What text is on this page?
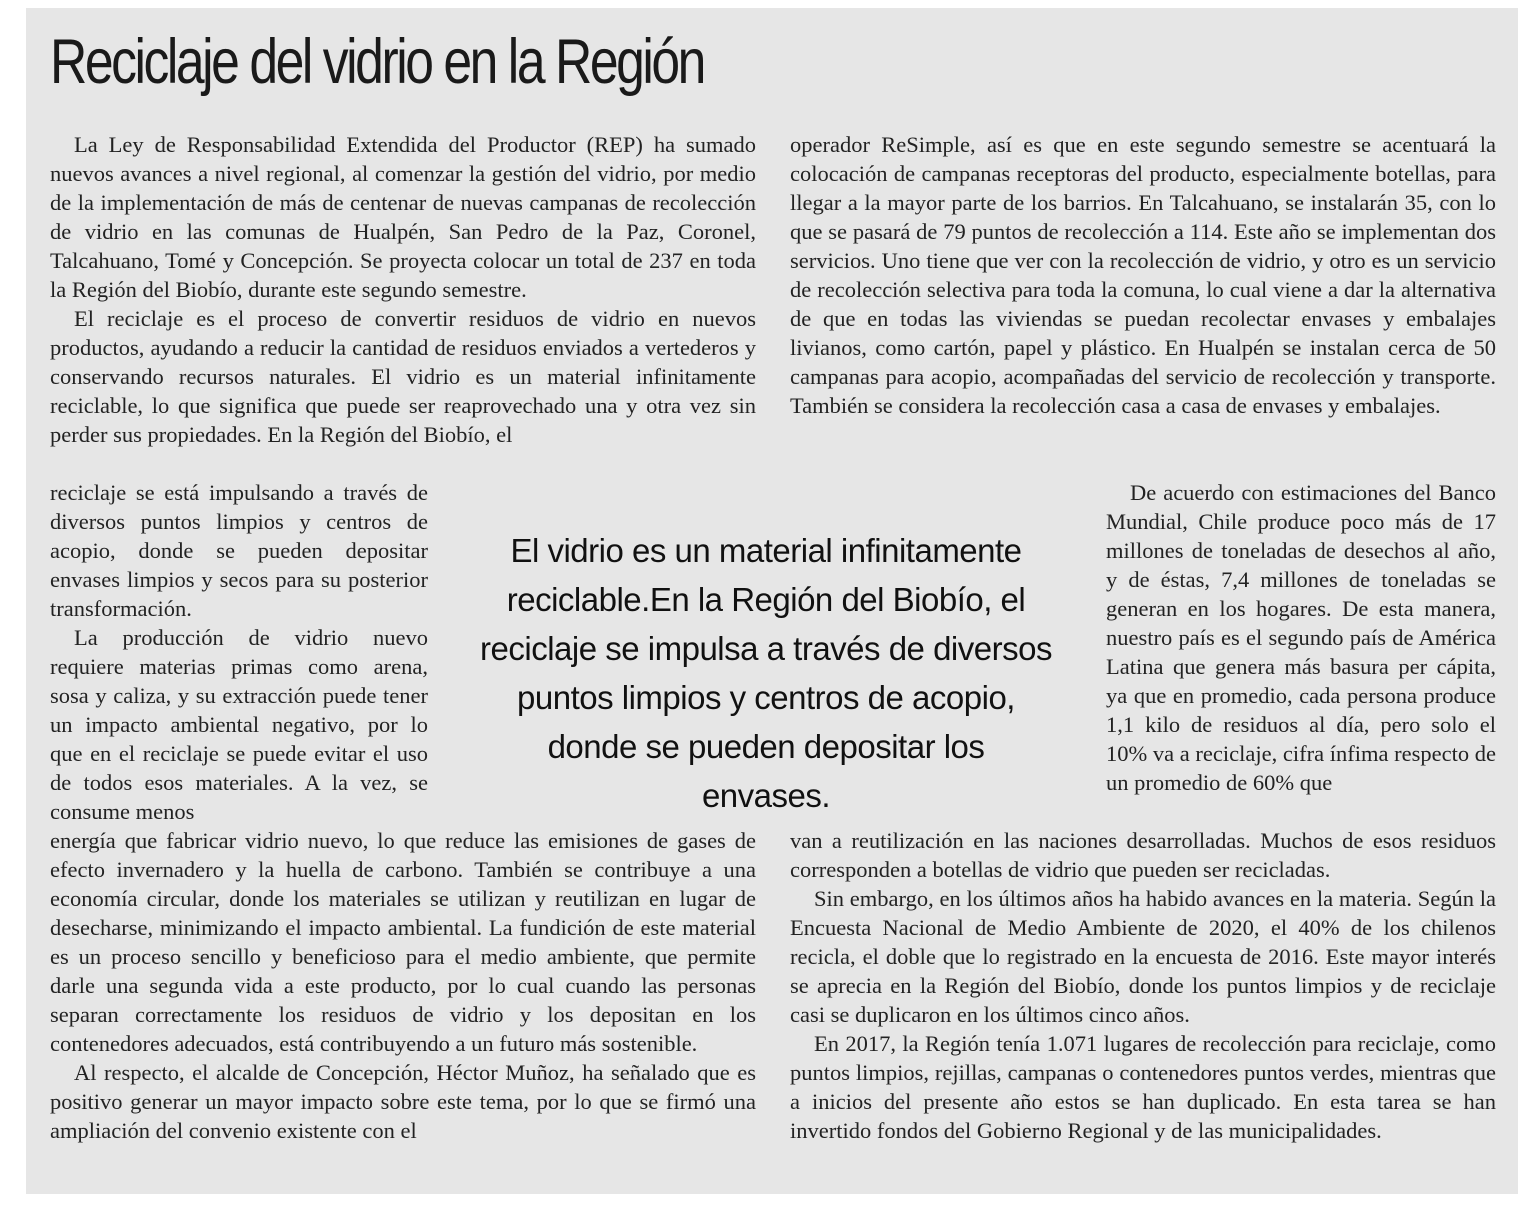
Reciclaje del vidrio en la Región

La Ley de Responsabilidad Extendida del Productor (REP) ha sumado nuevos avances a nivel regional, al comenzar la gestión del vidrio, por medio de la implementación de más de centenar de nuevas campanas de recolección de vidrio en las comunas de Hualpén, San Pedro de la Paz, Coronel, Talcahuano, Tomé y Concepción. Se proyecta colocar un total de 237 en toda la Región del Biobío, durante este segundo semestre.

El reciclaje es el proceso de convertir residuos de vidrio en nuevos productos, ayudando a reducir la cantidad de residuos enviados a vertederos y conservando recursos naturales. El vidrio es un material infinitamente reciclable, lo que significa que puede ser reaprovechado una y otra vez sin perder sus propiedades. En la Región del Biobío, el

reciclaje se está impulsando a través de diversos puntos limpios y centros de acopio, donde se pueden depositar envases limpios y secos para su posterior transformación.

La producción de vidrio nuevo requiere materias primas como arena, sosa y caliza, y su extracción puede tener un impacto ambiental negativo, por lo que en el reciclaje se puede evitar el uso de todos esos materiales. A la vez, se consume menos

energía que fabricar vidrio nuevo, lo que reduce las emisiones de gases de efecto invernadero y la huella de carbono. También se contribuye a una economía circular, donde los materiales se utilizan y reutilizan en lugar de desecharse, minimizando el impacto ambiental. La fundición de este material es un proceso sencillo y beneficioso para el medio ambiente, que permite darle una segunda vida a este producto, por lo cual cuando las personas separan correctamente los residuos de vidrio y los depositan en los contenedores adecuados, está contribuyendo a un futuro más sostenible.

Al respecto, el alcalde de Concepción, Héctor Muñoz, ha señalado que es positivo generar un mayor impacto sobre este tema, por lo que se firmó una ampliación del convenio existente con el

operador ReSimple, así es que en este segundo semestre se acentuará la colocación de campanas receptoras del producto, especialmente botellas, para llegar a la mayor parte de los barrios. En Talcahuano, se instalarán 35, con lo que se pasará de 79 puntos de recolección a 114. Este año se implementan dos servicios. Uno tiene que ver con la recolección de vidrio, y otro es un servicio de recolección selectiva para toda la comuna, lo cual viene a dar la alternativa de que en todas las viviendas se puedan recolectar envases y embalajes livianos, como cartón, papel y plástico. En Hualpén se instalan cerca de 50 campanas para acopio, acompañadas del servicio de recolección y transporte. También se considera la recolección casa a casa de envases y embalajes.

De acuerdo con estimaciones del Banco Mundial, Chile produce poco más de 17 millones de toneladas de desechos al año, y de éstas, 7,4 millones de toneladas se generan en los hogares. De esta manera, nuestro país es el segundo país de América Latina que genera más basura per cápita, ya que en promedio, cada persona produce 1,1 kilo de residuos al día, pero solo el 10% va a reciclaje, cifra ínfima respecto de un promedio de 60% que

van a reutilización en las naciones desarrolladas. Muchos de esos residuos corresponden a botellas de vidrio que pueden ser recicladas.

Sin embargo, en los últimos años ha habido avances en la materia. Según la Encuesta Nacional de Medio Ambiente de 2020, el 40% de los chilenos recicla, el doble que lo registrado en la encuesta de 2016. Este mayor interés se aprecia en la Región del Biobío, donde los puntos limpios y de reciclaje casi se duplicaron en los últimos cinco años.

En 2017, la Región tenía 1.071 lugares de recolección para reciclaje, como puntos limpios, rejillas, campanas o contenedores puntos verdes, mientras que a inicios del presente año estos se han duplicado. En esta tarea se han invertido fondos del Gobierno Regional y de las municipalidades.

El vidrio es un material infinitamente reciclable.En la Región del Biobío, el reciclaje se impulsa a través de diversos puntos limpios y centros de acopio, donde se pueden depositar los envases.
